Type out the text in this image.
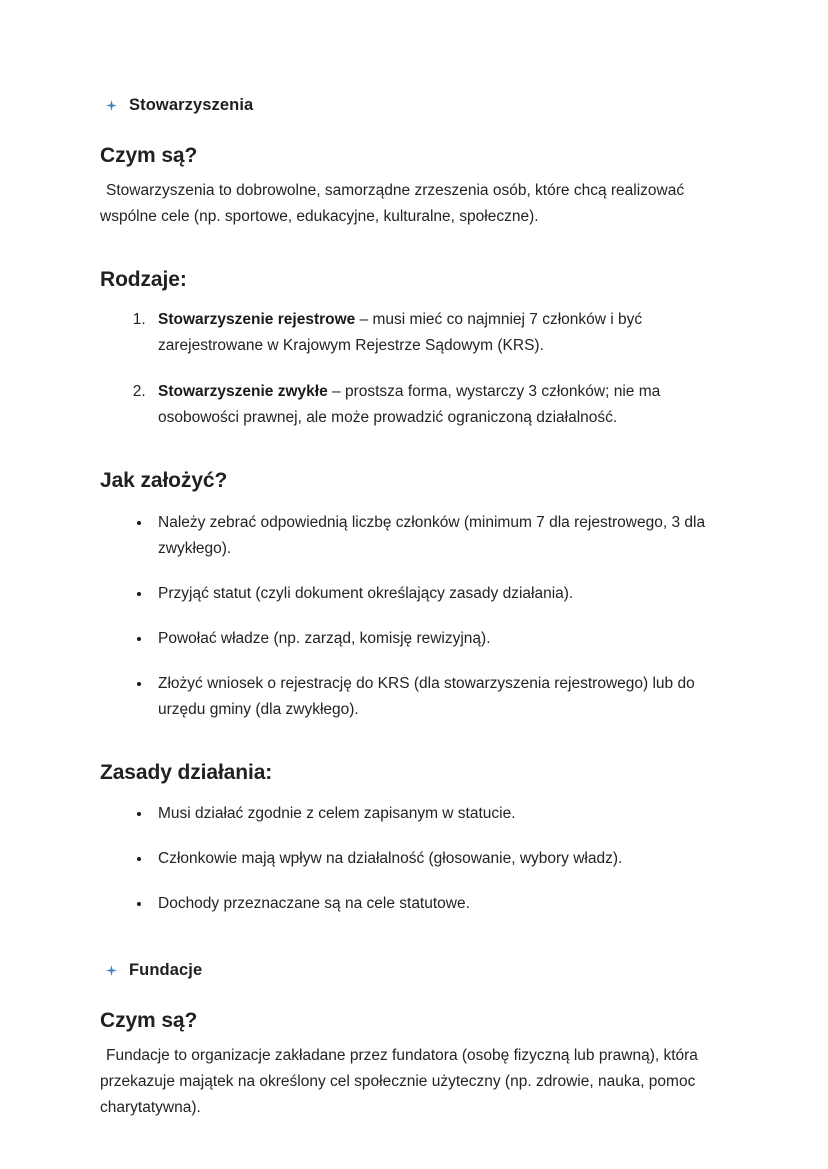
Stowarzyszenia
Czym są?

Stowarzyszenia to dobrowolne, samorządne zrzeszenia osób, które chcą realizować wspólne cele (np. sportowe, edukacyjne, kulturalne, społeczne).

Rodzaje:
1. Stowarzyszenie rejestrowe – musi mieć co najmniej 7 członków i być zarejestrowane w Krajowym Rejestrze Sądowym (KRS).
2. Stowarzyszenie zwykłe – prostsza forma, wystarczy 3 członków; nie ma osobowości prawnej, ale może prowadzić ograniczoną działalność.
Jak założyć?
• Należy zebrać odpowiednią liczbę członków (minimum 7 dla rejestrowego, 3 dla zwykłego).
• Przyjąć statut (czyli dokument określający zasady działania).
• Powołać władze (np. zarząd, komisję rewizyjną).
• Złożyć wniosek o rejestrację do KRS (dla stowarzyszenia rejestrowego) lub do urzędu gminy (dla zwykłego).
Zasady działania:
• Musi działać zgodnie z celem zapisanym w statucie.
• Członkowie mają wpływ na działalność (głosowanie, wybory władz).
• Dochody przeznaczane są na cele statutowe.
Fundacje
Czym są?

Fundacje to organizacje zakładane przez fundatora (osobę fizyczną lub prawną), która przekazuje majątek na określony cel społecznie użyteczny (np. zdrowie, nauka, pomoc charytatywna).
